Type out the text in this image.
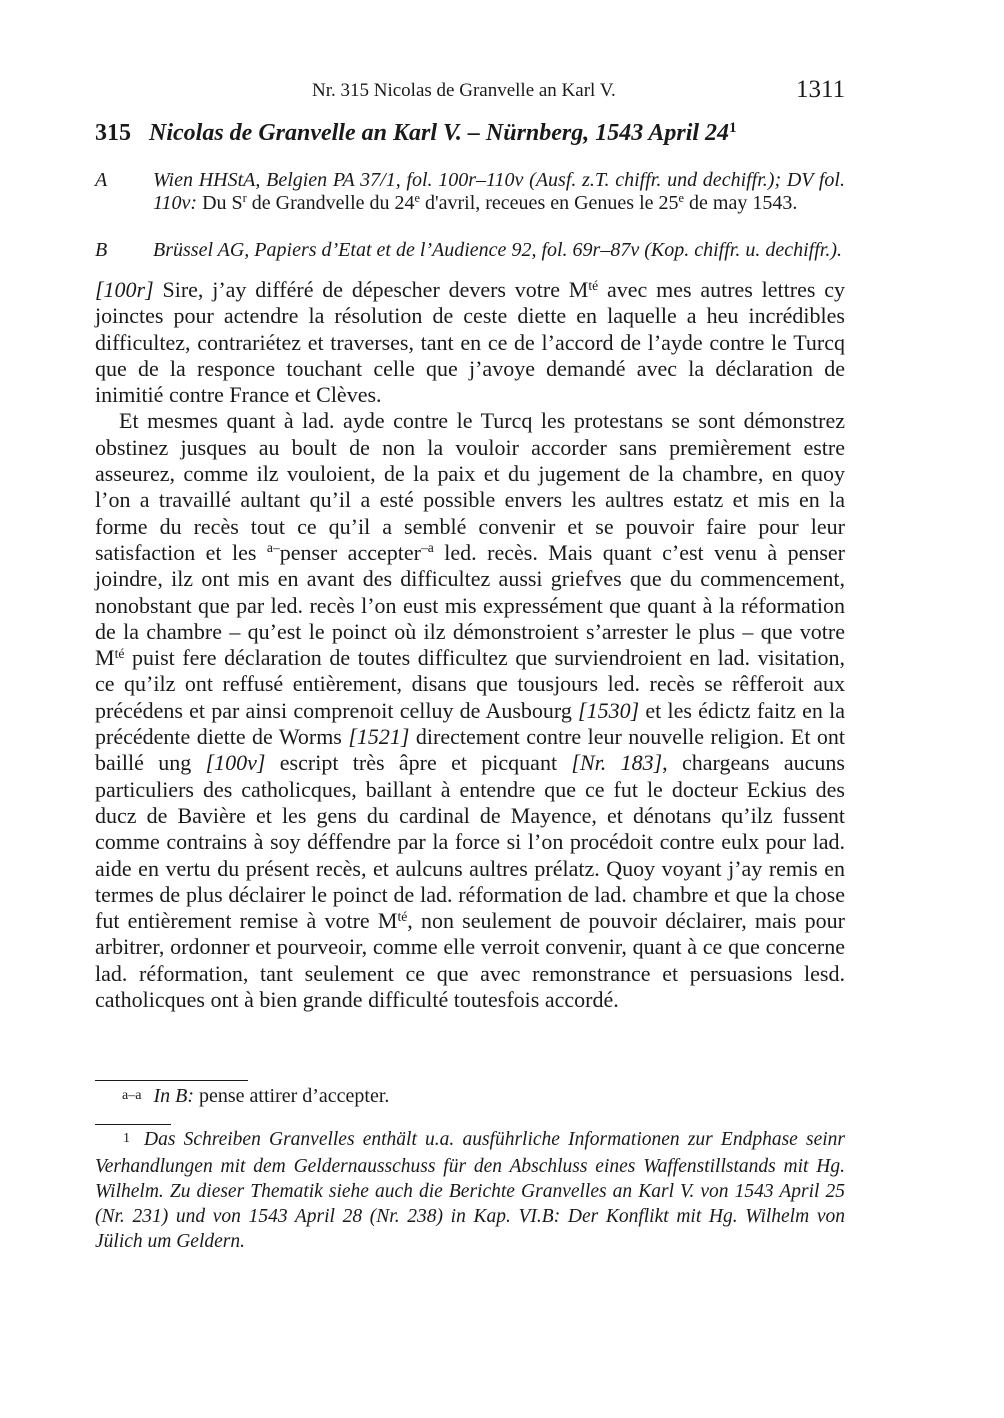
Nr. 315 Nicolas de Granvelle an Karl V.	1311
315 Nicolas de Granvelle an Karl V. – Nürnberg, 1543 April $24^1$
A Wien HHStA, Belgien PA 37/1, fol. 100r–110v (Ausf. z.T. chiffr. und dechiffr.); DV fol. 110v: Du $S^r$ de Grandvelle du 24e d'avril, receues en Genues le 25e de may 1543.
B Brüssel AG, Papiers d’Etat et de l’Audience 92, fol. 69r–87v (Kop. chiffr. u. dechiffr.).

[100r] Sire, j’ay différé de dépescher devers votre $M^{té}$ avec mes autres lettres cy joinctes pour actendre la résolution de ceste diette en laquelle a heu incrédibles difficultez, contrariétez et traverses, tant en ce de l’accord de l’ayde contre le Turcq que de la responce touchant celle que j’avoye demandé avec la déclaration de inimitié contre France et Clèves.

Et mesmes quant à lad. ayde contre le Turcq les protestans se sont démonstrez obstinez jusques au boult de non la vouloir accorder sans premièrement estre asseurez, comme ilz vouloient, de la paix et du jugement de la chambre, en quoy l’on a travaillé aultant qu’il a esté possible envers les aultres estatz et mis en la forme du recès tout ce qu’il a semblé convenir et se pouvoir faire pour leur satisfaction et les $^{a-}$penser accepter$^{-a}$ led. recès. Mais quant c’est venu à penser joindre, ilz ont mis en avant des difficultez aussi griefves que du commencement, nonobstant que par led. recès l’on eust mis expressément que quant à la réformation de la chambre – qu’est le poinct où ilz démonstroient s’arrester le plus – que votre $M^{té}$ puist fere déclaration de toutes difficultez que surviendroient en lad. visitation, ce qu’ilz ont reffusé entièrement, disans que tousjours led. recès se rêfferoit aux précédens et par ainsi comprenoit celluy de Ausbourg [1530] et les édictz faitz en la précédente diette de Worms [1521] directement contre leur nouvelle religion. Et ont baillé ung [100v] escript très âpre et picquant [Nr. 183], chargeans aucuns particuliers des catholicques, baillant à entendre que ce fut le docteur Eckius des ducz de Bavière et les gens du cardinal de Mayence, et dénotans qu’ilz fussent comme contrains à soy déffendre par la force si l’on procédoit contre eulx pour lad. aide en vertu du présent recès, et aulcuns aultres prélatz. Quoy voyant j’ay remis en termes de plus déclairer le poinct de lad. réformation de lad. chambre et que la chose fut entièrement remise à votre $M^{té}$, non seulement de pouvoir déclairer, mais pour arbitrer, ordonner et pourveoir, comme elle verroit convenir, quant à ce que concerne lad. réformation, tant seulement ce que avec remonstrance et persuasions lesd. catholicques ont à bien grande difficulté toutesfois accordé.

a–a In B: pense attirer d’accepter.
1 Das Schreiben Granvelles enthält u.a. ausführliche Informationen zur Endphase seinr Verhandlungen mit dem Geldernausschuss für den Abschluss eines Waffenstillstands mit Hg. Wilhelm. Zu dieser Thematik siehe auch die Berichte Granvelles an Karl V. von 1543 April 25 (Nr. 231) und von 1543 April 28 (Nr. 238) in Kap. VI.B: Der Konflikt mit Hg. Wilhelm von Jülich um Geldern.
